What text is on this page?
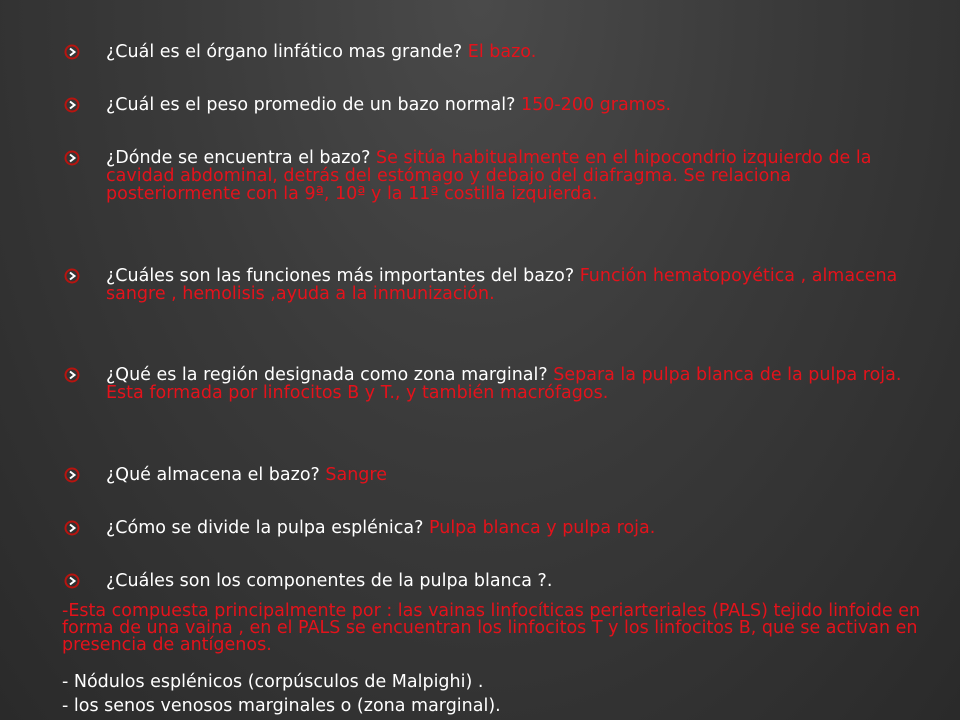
¿Cuál es el órgano linfático mas grande? El bazo.
¿Cuál es el peso promedio de un bazo normal? 150-200 gramos.
¿Dónde se encuentra el bazo? Se sitúa habitualmente en el hipocondrio izquierdo de la cavidad abdominal, detrás del estómago y debajo del diafragma. Se relaciona posteriormente con la 9ª, 10ª y la 11ª costilla izquierda.
¿Cuáles son las funciones más importantes del bazo? Función hematopoyética , almacena sangre , hemolisis ,ayuda a la inmunización.
¿Qué es la región designada como zona marginal? Separa la pulpa blanca de la pulpa roja. Esta formada por linfocitos B y T., y también macrófagos.
¿Qué almacena el bazo? Sangre
¿Cómo se divide la pulpa esplénica? Pulpa blanca y pulpa roja.
¿Cuáles son los componentes de la pulpa blanca ?.
-Esta compuesta principalmente por : las vainas linfocíticas periarteriales (PALS) tejido linfoide en forma de una vaina , en el PALS se encuentran los linfocitos T y los linfocitos B, que se activan en presencia de antígenos.
- Nódulos esplénicos (corpúsculos de Malpighi) .
- los senos venosos marginales o (zona marginal).
